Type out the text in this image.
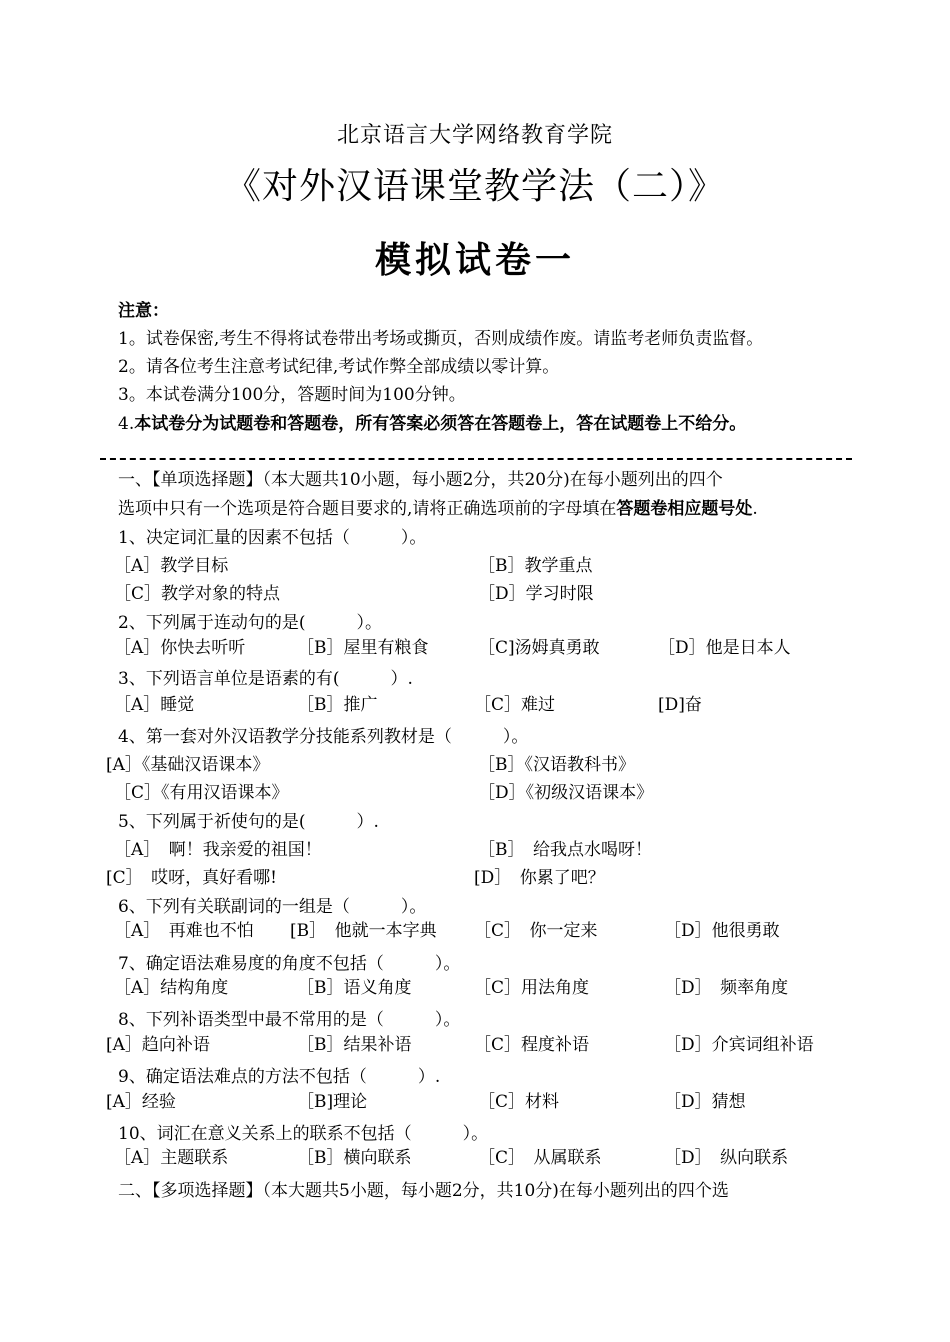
北京语言大学网络教育学院
《对外汉语课堂教学法（二）》
模拟试卷一
注意：
1。试卷保密,考生不得将试卷带出考场或撕页，否则成绩作废。请监考老师负责监督。
2。请各位考生注意考试纪律,考试作弊全部成绩以零计算。
3。本试卷满分100分，答题时间为100分钟。
4.本试卷分为试题卷和答题卷，所有答案必须答在答题卷上，答在试题卷上不给分。
一、【单项选择题】（本大题共10小题，每小题2分，共20分)在每小题列出的四个
选项中只有一个选项是符合题目要求的,请将正确选项前的字母填在答题卷相应题号处.
1、决定词汇量的因素不包括（　　　）。
［A］教学目标	［B］教学重点
［C］教学对象的特点	［D］学习时限
2、下列属于连动句的是(　　　）。
［A］你快去听听	［B］屋里有粮食	［C]汤姆真勇敢	［D］他是日本人
3、下列语言单位是语素的有(　　　）.
［A］睡觉	［B］推广	［C］难过	[D]奋
4、第一套对外汉语教学分技能系列教材是（　　　）。
[A］《基础汉语课本》	［B］《汉语教科书》
［C］《有用汉语课本》	［D］《初级汉语课本》
5、下列属于祈使句的是(　　　）.
［A］　啊！我亲爱的祖国！	［B］　给我点水喝呀！
[C］　哎呀，真好看哪!	[D］　你累了吧？
6、下列有关联副词的一组是（　　　）。
［A］　再难也不怕 [B］　他就一本字典 ［C］　你一定来	［D］他很勇敢
7、确定语法难易度的角度不包括（　　　）。
［A］结构角度	［B］语义角度	［C］用法角度	［D］　频率角度
8、下列补语类型中最不常用的是（　　　）。
[A］趋向补语	［B］结果补语	［C］程度补语	［D］介宾词组补语
9、确定语法难点的方法不包括（　　　）.
[A］经验	［B]理论	［C］材料	［D］猜想
10、词汇在意义关系上的联系不包括（　　　）。
［A］主题联系	［B］横向联系	［C］　从属联系	［D］　纵向联系
二、【多项选择题】（本大题共5小题，每小题2分，共10分)在每小题列出的四个选
